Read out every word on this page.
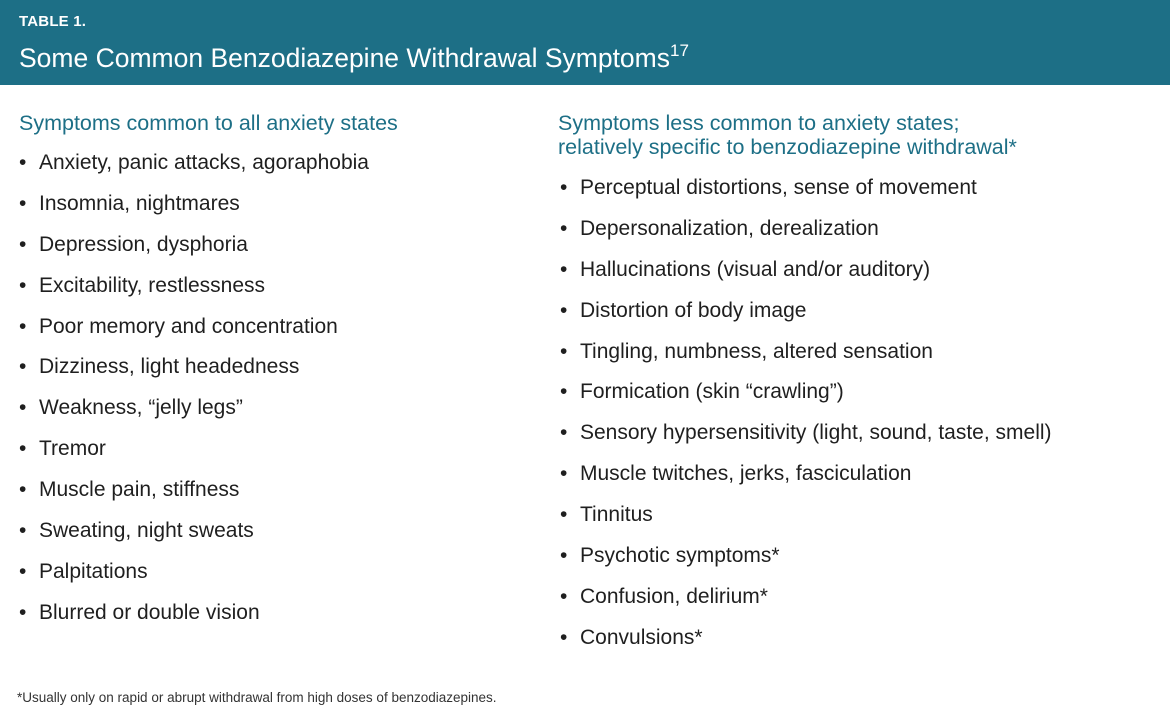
TABLE 1.
Some Common Benzodiazepine Withdrawal Symptoms$^{17}$
Symptoms common to all anxiety states
• Anxiety, panic attacks, agoraphobia
• Insomnia, nightmares
• Depression, dysphoria
• Excitability, restlessness
• Poor memory and concentration
• Dizziness, light headedness
• Weakness, “jelly legs”
• Tremor
• Muscle pain, stiffness
• Sweating, night sweats
• Palpitations
• Blurred or double vision
Symptoms less common to anxiety states;
relatively specific to benzodiazepine withdrawal*
• Perceptual distortions, sense of movement
• Depersonalization, derealization
• Hallucinations (visual and/or auditory)
• Distortion of body image
• Tingling, numbness, altered sensation
• Formication (skin “crawling”)
• Sensory hypersensitivity (light, sound, taste, smell)
• Muscle twitches, jerks, fasciculation
• Tinnitus
• Psychotic symptoms*
• Confusion, delirium*
• Convulsions*
*Usually only on rapid or abrupt withdrawal from high doses of benzodiazepines.
